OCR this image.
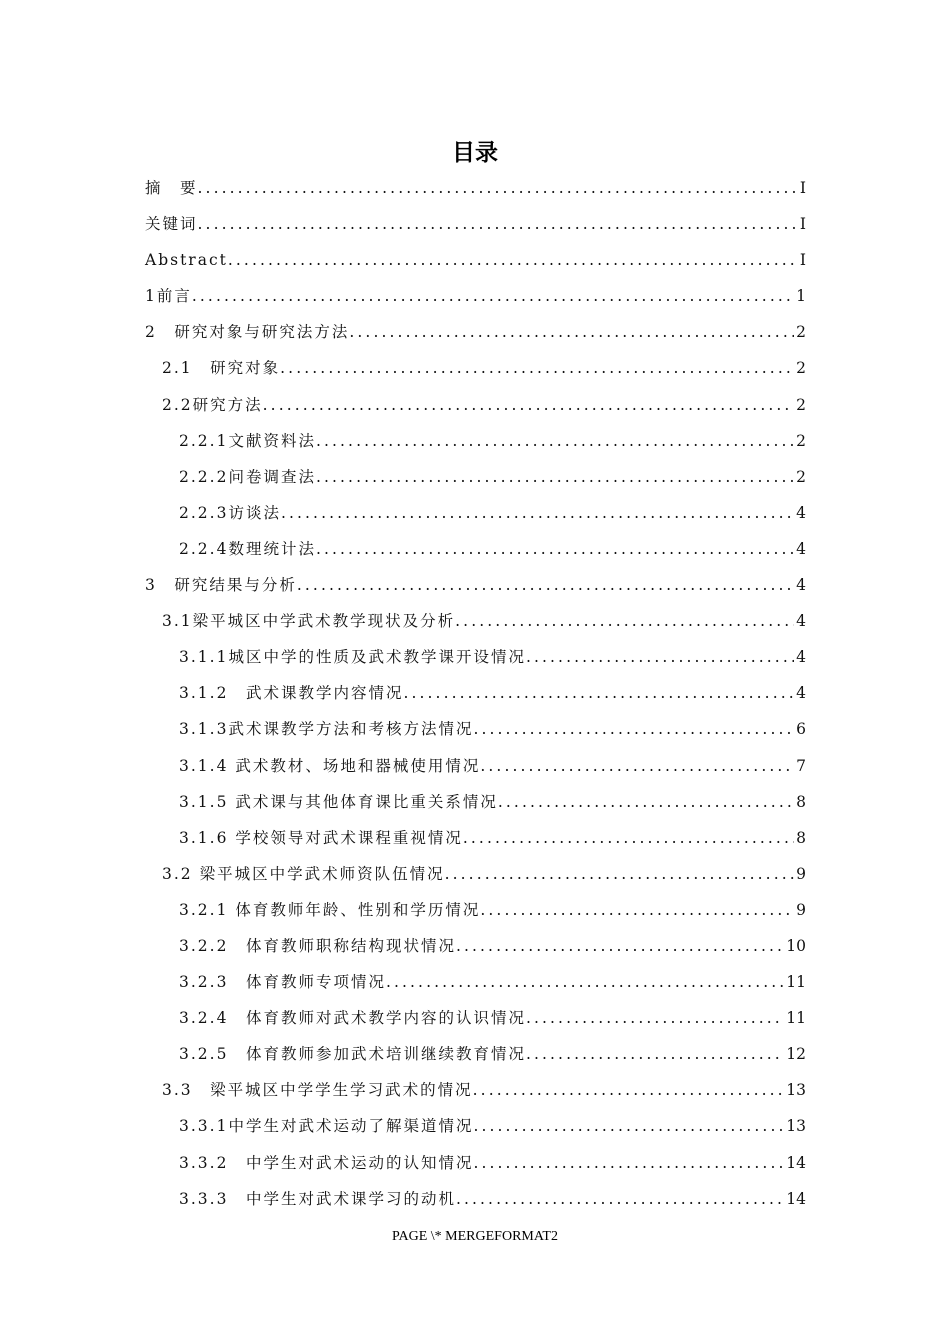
目录
摘　要 .....	I
关键词 .....	I
Abstract .....	I
1前言 .....	1
2　研究对象与研究法方法 .....	2
2.1　研究对象 .....	2
2.2研究方法 .....	2
2.2.1文献资料法 .....	2
2.2.2问卷调查法 .....	2
2.2.3访谈法 .....	4
2.2.4数理统计法 .....	4
3　研究结果与分析 .....	4
3.1梁平城区中学武术教学现状及分析 .....	4
3.1.1城区中学的性质及武术教学课开设情况 .....	4
3.1.2　武术课教学内容情况 .....	4
3.1.3武术课教学方法和考核方法情况 .....	6
3.1.4 武术教材、场地和器械使用情况 .....	7
3.1.5 武术课与其他体育课比重关系情况 .....	8
3.1.6 学校领导对武术课程重视情况 .....	8
3.2 梁平城区中学武术师资队伍情况 .....	9
3.2.1 体育教师年龄、性别和学历情况 .....	9
3.2.2　体育教师职称结构现状情况 .....	10
3.2.3　体育教师专项情况 .....	11
3.2.4　体育教师对武术教学内容的认识情况 .....	11
3.2.5　体育教师参加武术培训继续教育情况 .....	12
3.3　梁平城区中学学生学习武术的情况 .....	13
3.3.1中学生对武术运动了解渠道情况 .....	13
3.3.2　中学生对武术运动的认知情况 .....	14
3.3.3　中学生对武术课学习的动机 .....	14
PAGE \* MERGEFORMAT2
